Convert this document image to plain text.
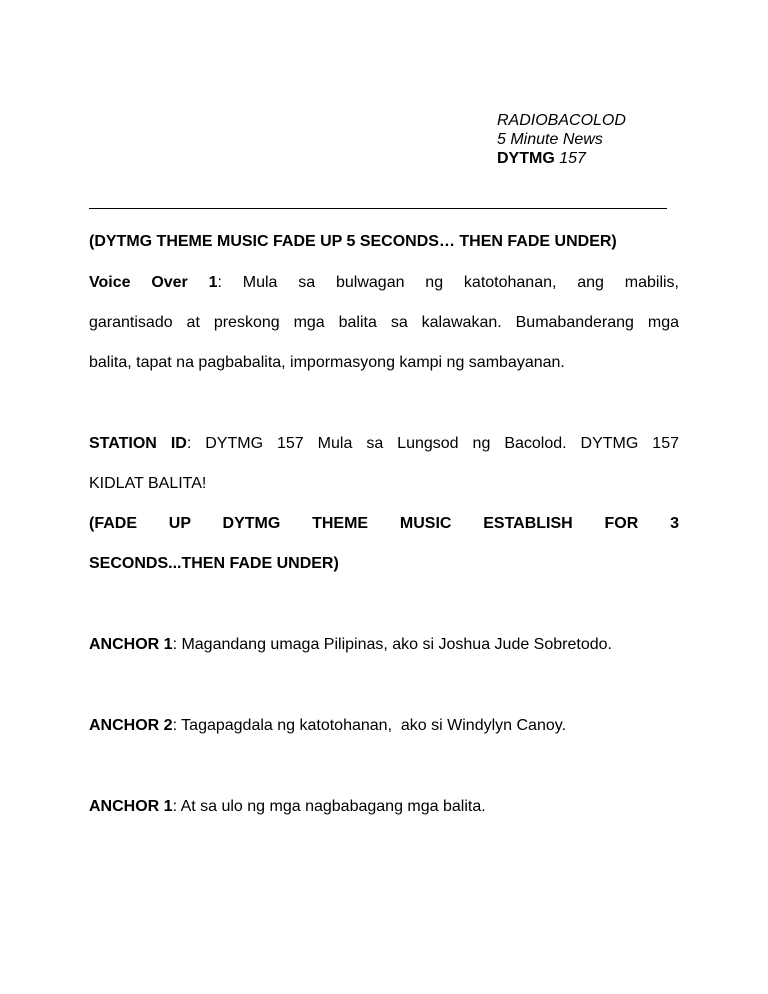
RADIOBACOLOD
5 Minute News
DYTMG 157
(DYTMG THEME MUSIC FADE UP 5 SECONDS… THEN FADE UNDER)
Voice Over 1: Mula sa bulwagan ng katotohanan, ang mabilis,
garantisado at preskong mga balita sa kalawakan. Bumabanderang mga
balita, tapat na pagbabalita, impormasyong kampi ng sambayanan.
STATION ID: DYTMG 157 Mula sa Lungsod ng Bacolod. DYTMG 157
KIDLAT BALITA!
(FADE UP DYTMG THEME MUSIC ESTABLISH FOR 3
SECONDS...THEN FADE UNDER)
ANCHOR 1: Magandang umaga Pilipinas, ako si Joshua Jude Sobretodo.
ANCHOR 2: Tagapagdala ng katotohanan,  ako si Windylyn Canoy.
ANCHOR 1: At sa ulo ng mga nagbabagang mga balita.
